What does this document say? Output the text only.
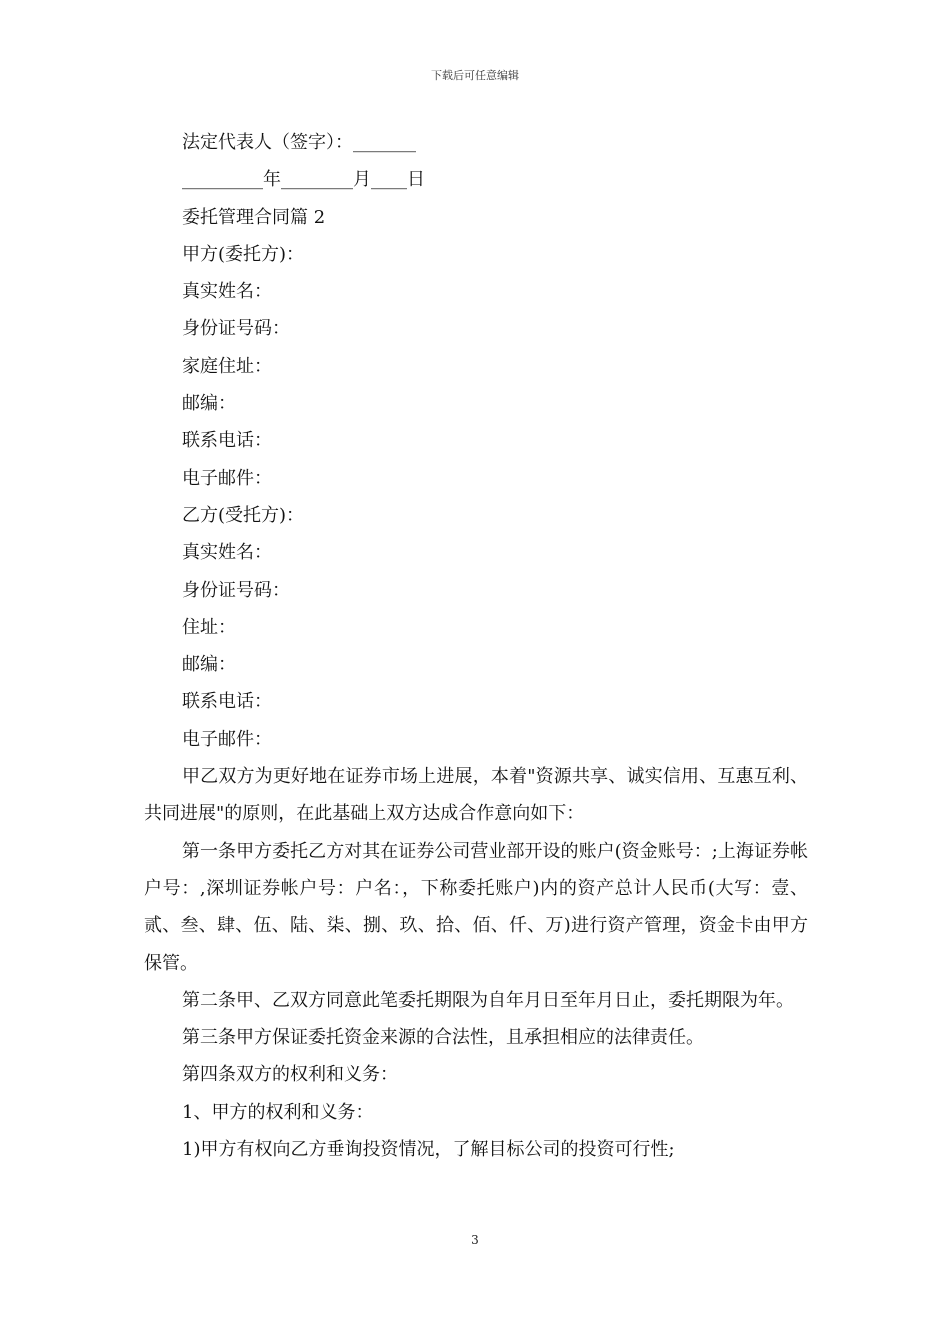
下载后可任意编辑
法定代表人（签字）：_______
_________年________月____日
委托管理合同篇 2
甲方(委托方)：
真实姓名：
身份证号码：
家庭住址：
邮编：
联系电话：
电子邮件：
乙方(受托方)：
真实姓名：
身份证号码：
住址：
邮编：
联系电话：
电子邮件：
甲乙双方为更好地在证券市场上进展，本着"资源共享、诚实信用、互惠互利、共同进展"的原则，在此基础上双方达成合作意向如下：
第一条甲方委托乙方对其在证券公司营业部开设的账户(资金账号：;上海证券帐户号：,深圳证券帐户号：户名：，下称委托账户)内的资产总计人民币(大写：壹、贰、叁、肆、伍、陆、柒、捌、玖、拾、佰、仟、万)进行资产管理，资金卡由甲方保管。
第二条甲、乙双方同意此笔委托期限为自年月日至年月日止，委托期限为年。
第三条甲方保证委托资金来源的合法性，且承担相应的法律责任。
第四条双方的权利和义务：
1、甲方的权利和义务：
1)甲方有权向乙方垂询投资情况，了解目标公司的投资可行性;
3
